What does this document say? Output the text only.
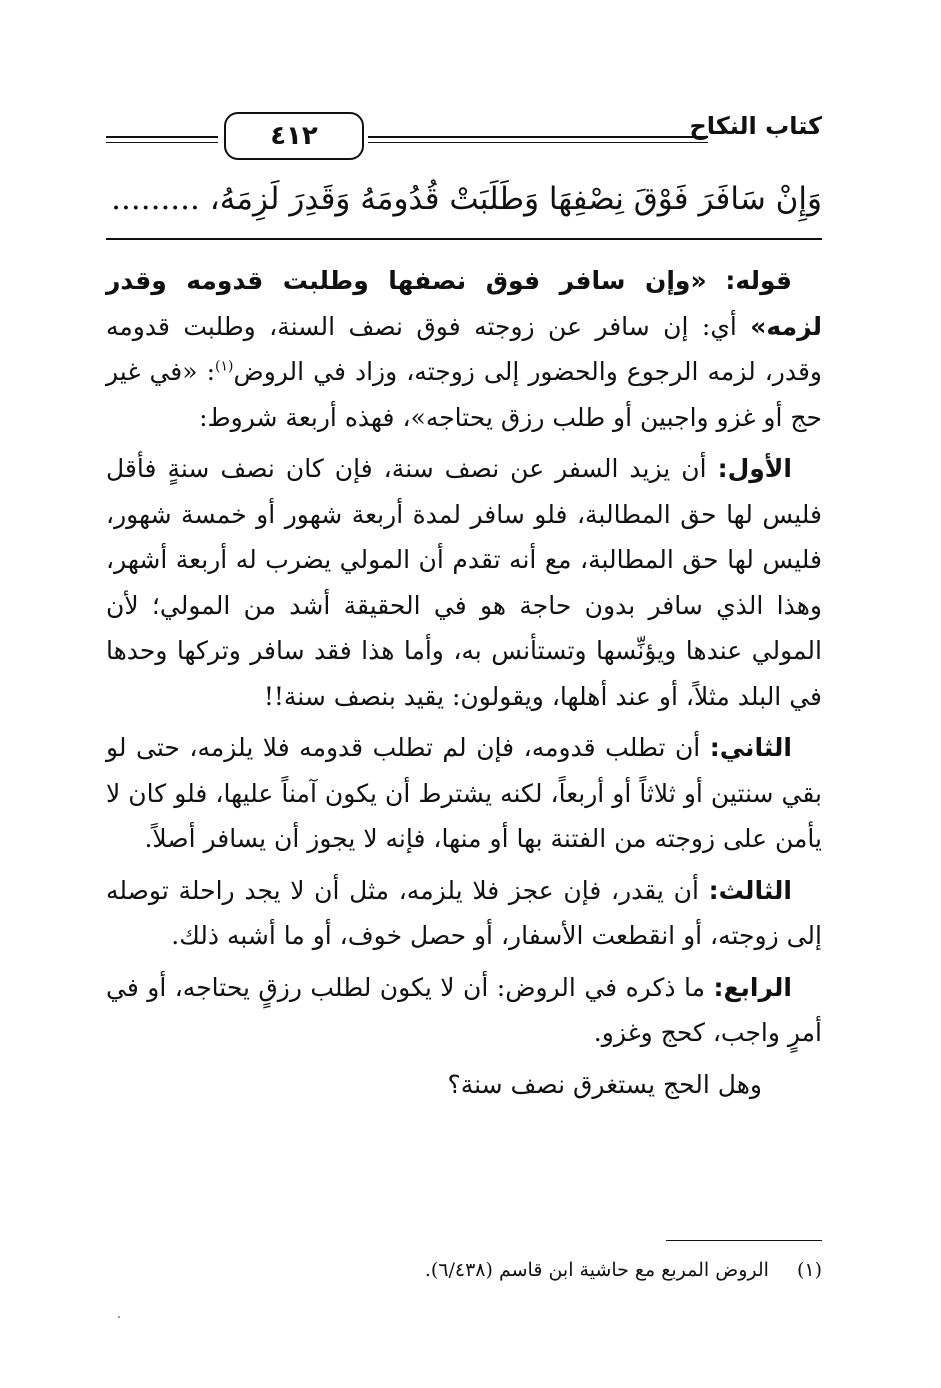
٤١٢	كتاب النكاح
وَإِنْ سَافَرَ فَوْقَ نِصْفِهَا وَطَلَبَتْ قُدُومَهُ وَقَدِرَ لَزِمَهُ، .........

قوله: «وإن سافر فوق نصفها وطلبت قدومه وقدر لزمه» أي: إن سافر عن زوجته فوق نصف السنة، وطلبت قدومه وقدر، لزمه الرجوع والحضور إلى زوجته، وزاد في الروض$^{(١)}$: «في غير حج أو غزو واجبين أو طلب رزق يحتاجه»، فهذه أربعة شروط:

الأول: أن يزيد السفر عن نصف سنة، فإن كان نصف سنةٍ فأقل فليس لها حق المطالبة، فلو سافر لمدة أربعة شهور أو خمسة شهور، فليس لها حق المطالبة، مع أنه تقدم أن المولي يضرب له أربعة أشهر، وهذا الذي سافر بدون حاجة هو في الحقيقة أشد من المولي؛ لأن المولي عندها ويؤنِّسها وتستأنس به، وأما هذا فقد سافر وتركها وحدها في البلد مثلاً، أو عند أهلها، ويقولون: يقيد بنصف سنة!!

الثاني: أن تطلب قدومه، فإن لم تطلب قدومه فلا يلزمه، حتى لو بقي سنتين أو ثلاثاً أو أربعاً، لكنه يشترط أن يكون آمناً عليها، فلو كان لا يأمن على زوجته من الفتنة بها أو منها، فإنه لا يجوز أن يسافر أصلاً.

الثالث: أن يقدر، فإن عجز فلا يلزمه، مثل أن لا يجد راحلة توصله إلى زوجته، أو انقطعت الأسفار، أو حصل خوف، أو ما أشبه ذلك.

الرابع: ما ذكره في الروض: أن لا يكون لطلب رزقٍ يحتاجه، أو في أمرٍ واجب، كحج وغزو.

وهل الحج يستغرق نصف سنة؟

(١)الروض المربع مع حاشية ابن قاسم (٦/٤٣٨).
